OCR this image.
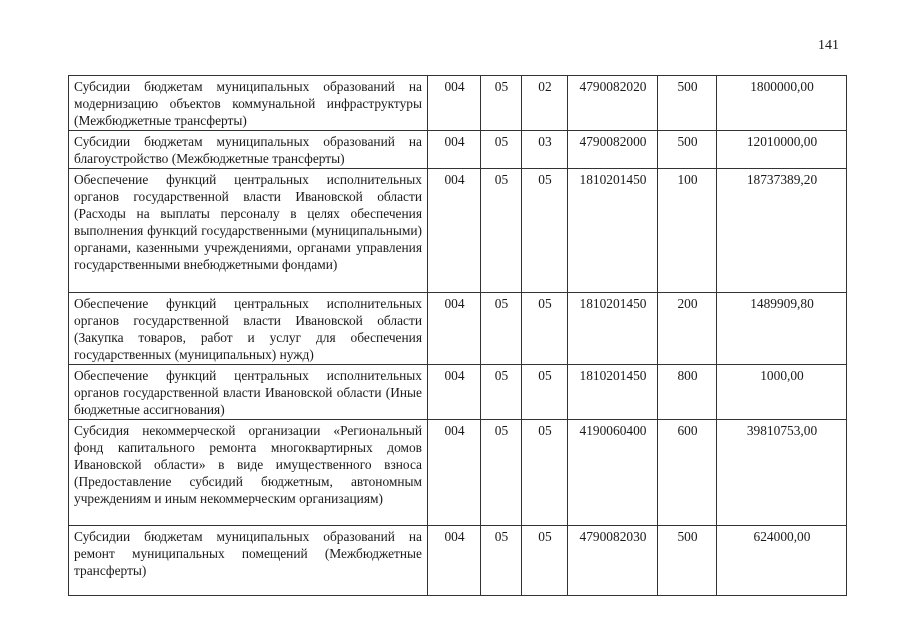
141
Субсидии бюджетам муниципальных образований на модернизацию объектов коммунальной инфраструктуры (Межбюджетные трансферты)	004	05	02	4790082020	500	1800000,00
Субсидии бюджетам муниципальных образований на благоустройство (Межбюджетные трансферты)	004	05	03	4790082000	500	12010000,00
Обеспечение функций центральных исполнительных органов государственной власти Ивановской области (Расходы на выплаты персоналу в целях обеспечения выполнения функций государственными (муниципальными) органами, казенными учреждениями, органами управления государственными внебюджетными фондами)	004	05	05	1810201450	100	18737389,20
Обеспечение функций центральных исполнительных органов государственной власти Ивановской области (Закупка товаров, работ и услуг для обеспечения государственных (муниципальных) нужд)	004	05	05	1810201450	200	1489909,80
Обеспечение функций центральных исполнительных органов государственной власти Ивановской области (Иные бюджетные ассигнования)	004	05	05	1810201450	800	1000,00
Субсидия некоммерческой организации «Региональный фонд капитального ремонта многоквартирных домов Ивановской области» в виде имущественного взноса (Предоставление субсидий бюджетным, автономным учреждениям и иным некоммерческим организациям)	004	05	05	4190060400	600	39810753,00
Субсидии бюджетам муниципальных образований на ремонт муниципальных помещений (Межбюджетные трансферты)	004	05	05	4790082030	500	624000,00
